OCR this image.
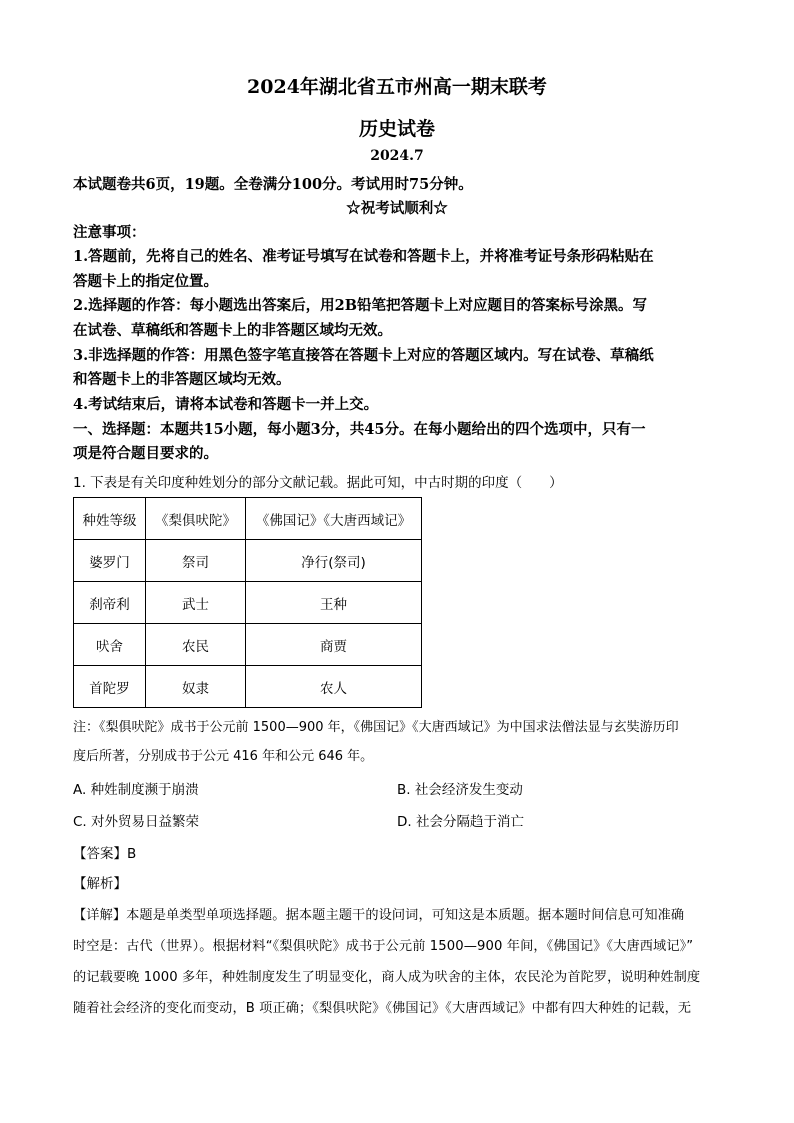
2024年湖北省五市州高一期末联考
历史试卷
2024.7
本试题卷共6页，19题。全卷满分100分。考试用时75分钟。
☆祝考试顺利☆
注意事项：
1.答题前，先将自己的姓名、准考证号填写在试卷和答题卡上，并将准考证号条形码粘贴在
答题卡上的指定位置。
2.选择题的作答：每小题选出答案后，用2B铅笔把答题卡上对应题目的答案标号涂黑。写
在试卷、草稿纸和答题卡上的非答题区域均无效。
3.非选择题的作答：用黑色签字笔直接答在答题卡上对应的答题区域内。写在试卷、草稿纸
和答题卡上的非答题区域均无效。
4.考试结束后，请将本试卷和答题卡一并上交。
一、选择题：本题共15小题，每小题3分，共45分。在每小题给出的四个选项中，只有一
项是符合题目要求的。
1. 下表是有关印度种姓划分的部分文献记载。据此可知，中古时期的印度（　　）
种姓等级	《梨俱吠陀》	《佛国记》《大唐西域记》
婆罗门	祭司	净行(祭司)
刹帝利	武士	王种
吠舍	农民	商贾
首陀罗	奴隶	农人
注：《梨俱吠陀》成书于公元前 1500—900 年，《佛国记》《大唐西域记》为中国求法僧法显与玄奘游历印
度后所著，分别成书于公元 416 年和公元 646 年。
A. 种姓制度濒于崩溃	B. 社会经济发生变动
C. 对外贸易日益繁荣	D. 社会分隔趋于消亡
【答案】B
【解析】
【详解】本题是单类型单项选择题。据本题主题干的设问词，可知这是本质题。据本题时间信息可知准确
时空是：古代（世界）。根据材料“《梨俱吠陀》成书于公元前 1500—900 年间，《佛国记》《大唐西域记》”
的记载要晚 1000 多年，种姓制度发生了明显变化，商人成为吠舍的主体，农民沦为首陀罗，说明种姓制度
随着社会经济的变化而变动，B 项正确；《梨俱吠陀》《佛国记》《大唐西域记》中都有四大种姓的记载，无
